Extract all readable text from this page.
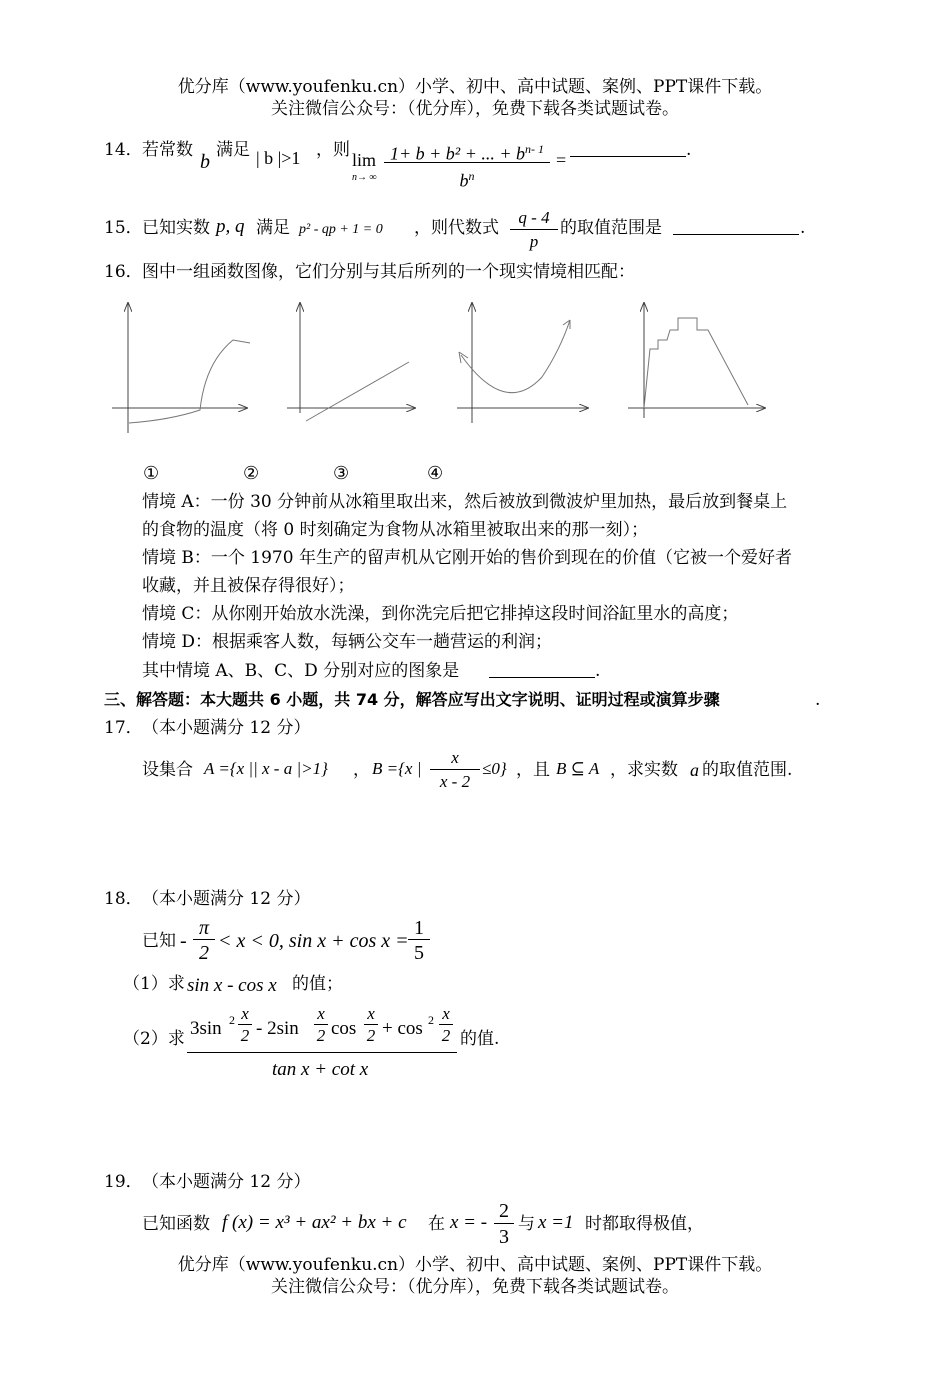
优分库（www.youfenku.cn）小学、初中、高中试题、案例、PPT课件下载。
关注微信公众号：（优分库），免费下载各类试题试卷。
14． 若常数
b
满足 | b |>1 ，则 lim
n→ ∞
1+ b + b² + ... + $b^{n- 1}$
$b^n$
=	.
15． 已知实数 p, q 满足 p² - qp + 1 = 0 ，则代数式
q - 4
p
的取值范围是	.
16． 图中一组函数图像，它们分别与其后所列的一个现实情境相匹配：
①	②	③	④
情境 A：一份 30 分钟前从冰箱里取出来，然后被放到微波炉里加热，最后放到餐桌上
的食物的温度（将 0 时刻确定为食物从冰箱里被取出来的那一刻）；
情境 B：一个 1970 年生产的留声机从它刚开始的售价到现在的价值（它被一个爱好者
收藏，并且被保存得很好）；
情境 C：从你刚开始放水洗澡，到你洗完后把它排掉这段时间浴缸里水的高度；
情境 D：根据乘客人数，每辆公交车一趟营运的利润；
其中情境 A、B、C、D 分别对应的图象是	.
三、解答题：本大题共 6 小题，共 74 分，解答应写出文字说明、证明过程或演算步骤	.
17． （本小题满分 12 分）
设集合 A ={x || x - a |>1} ， B ={x |
x
x - 2
≤0} ，且 B ⊆ A ，求实数 a 的取值范围.
18． （本小题满分 12 分）
已知 -
π
2
< x < 0, sin x + cos x =
1
5
（1）求 sin x - cos x 的值；
（2）求 3sin 2 x
2 - 2sin
x
2 cos
x
2 + cos 2 x
2
tan x + cot x
的值.
19． （本小题满分 12 分）
已知函数 f (x) = x³ + ax² + bx + c 在 x = -
2
3
与 x =1 时都取得极值，
优分库（www.youfenku.cn）小学、初中、高中试题、案例、PPT课件下载。
关注微信公众号：（优分库），免费下载各类试题试卷。
